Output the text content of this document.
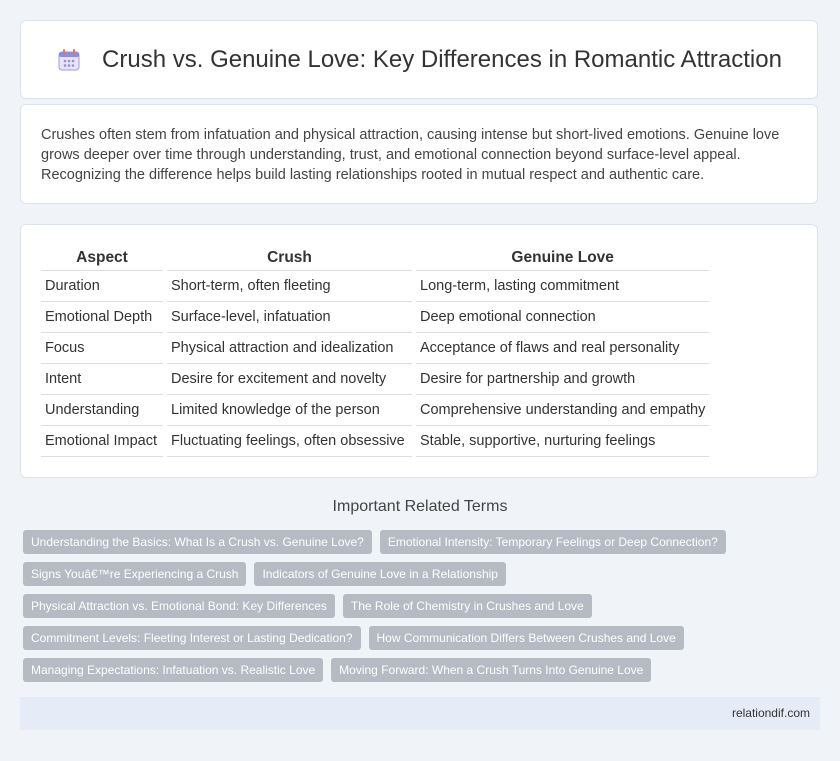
Crush vs. Genuine Love: Key Differences in Romantic Attraction

Crushes often stem from infatuation and physical attraction, causing intense but short-lived emotions. Genuine love grows deeper over time through understanding, trust, and emotional connection beyond surface-level appeal. Recognizing the difference helps build lasting relationships rooted in mutual respect and authentic care.

Aspect	Crush	Genuine Love
Duration	Short-term, often fleeting	Long-term, lasting commitment
Emotional Depth	Surface-level, infatuation	Deep emotional connection
Focus	Physical attraction and idealization	Acceptance of flaws and real personality
Intent	Desire for excitement and novelty	Desire for partnership and growth
Understanding	Limited knowledge of the person	Comprehensive understanding and empathy
Emotional Impact	Fluctuating feelings, often obsessive	Stable, supportive, nurturing feelings
Important Related Terms
Understanding the Basics: What Is a Crush vs. Genuine Love?	Emotional Intensity: Temporary Feelings or Deep Connection?
Signs Youâ€™re Experiencing a Crush	Indicators of Genuine Love in a Relationship
Physical Attraction vs. Emotional Bond: Key Differences	The Role of Chemistry in Crushes and Love
Commitment Levels: Fleeting Interest or Lasting Dedication?	How Communication Differs Between Crushes and Love
Managing Expectations: Infatuation vs. Realistic Love	Moving Forward: When a Crush Turns Into Genuine Love
relationdif.com
